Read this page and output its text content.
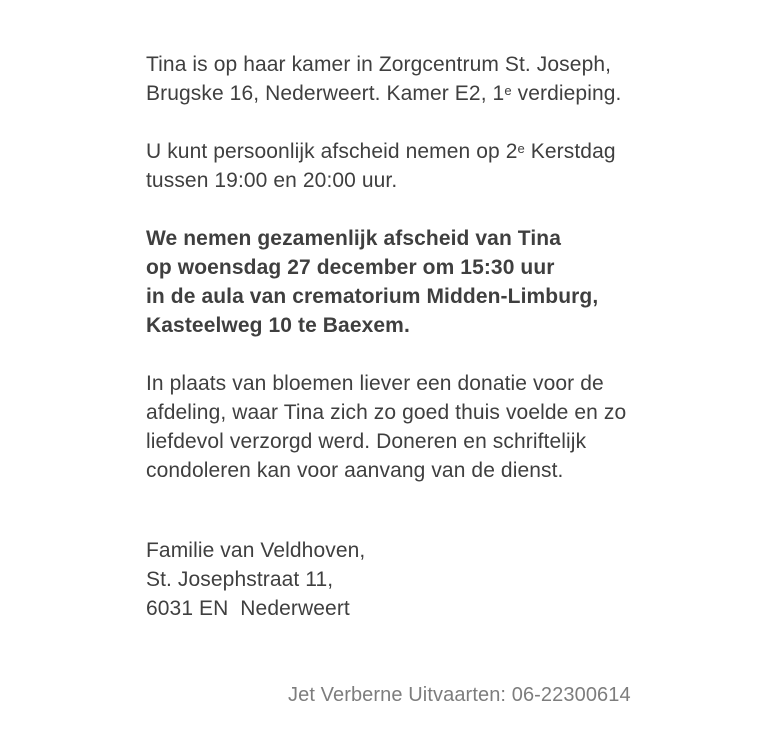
Tina is op haar kamer in Zorgcentrum St. Joseph,
Brugske 16, Nederweert. Kamer E2, 1e verdieping.

U kunt persoonlijk afscheid nemen op 2e Kerstdag
tussen 19:00 en 20:00 uur.

We nemen gezamenlijk afscheid van Tina
op woensdag 27 december om 15:30 uur
in de aula van crematorium Midden-Limburg,
Kasteelweg 10 te Baexem.

In plaats van bloemen liever een donatie voor de
afdeling, waar Tina zich zo goed thuis voelde en zo
liefdevol verzorgd werd. Doneren en schriftelijk
condoleren kan voor aanvang van de dienst.

Familie van Veldhoven,
St. Josephstraat 11,
6031 EN  Nederweert

Jet Verberne Uitvaarten: 06-22300614
